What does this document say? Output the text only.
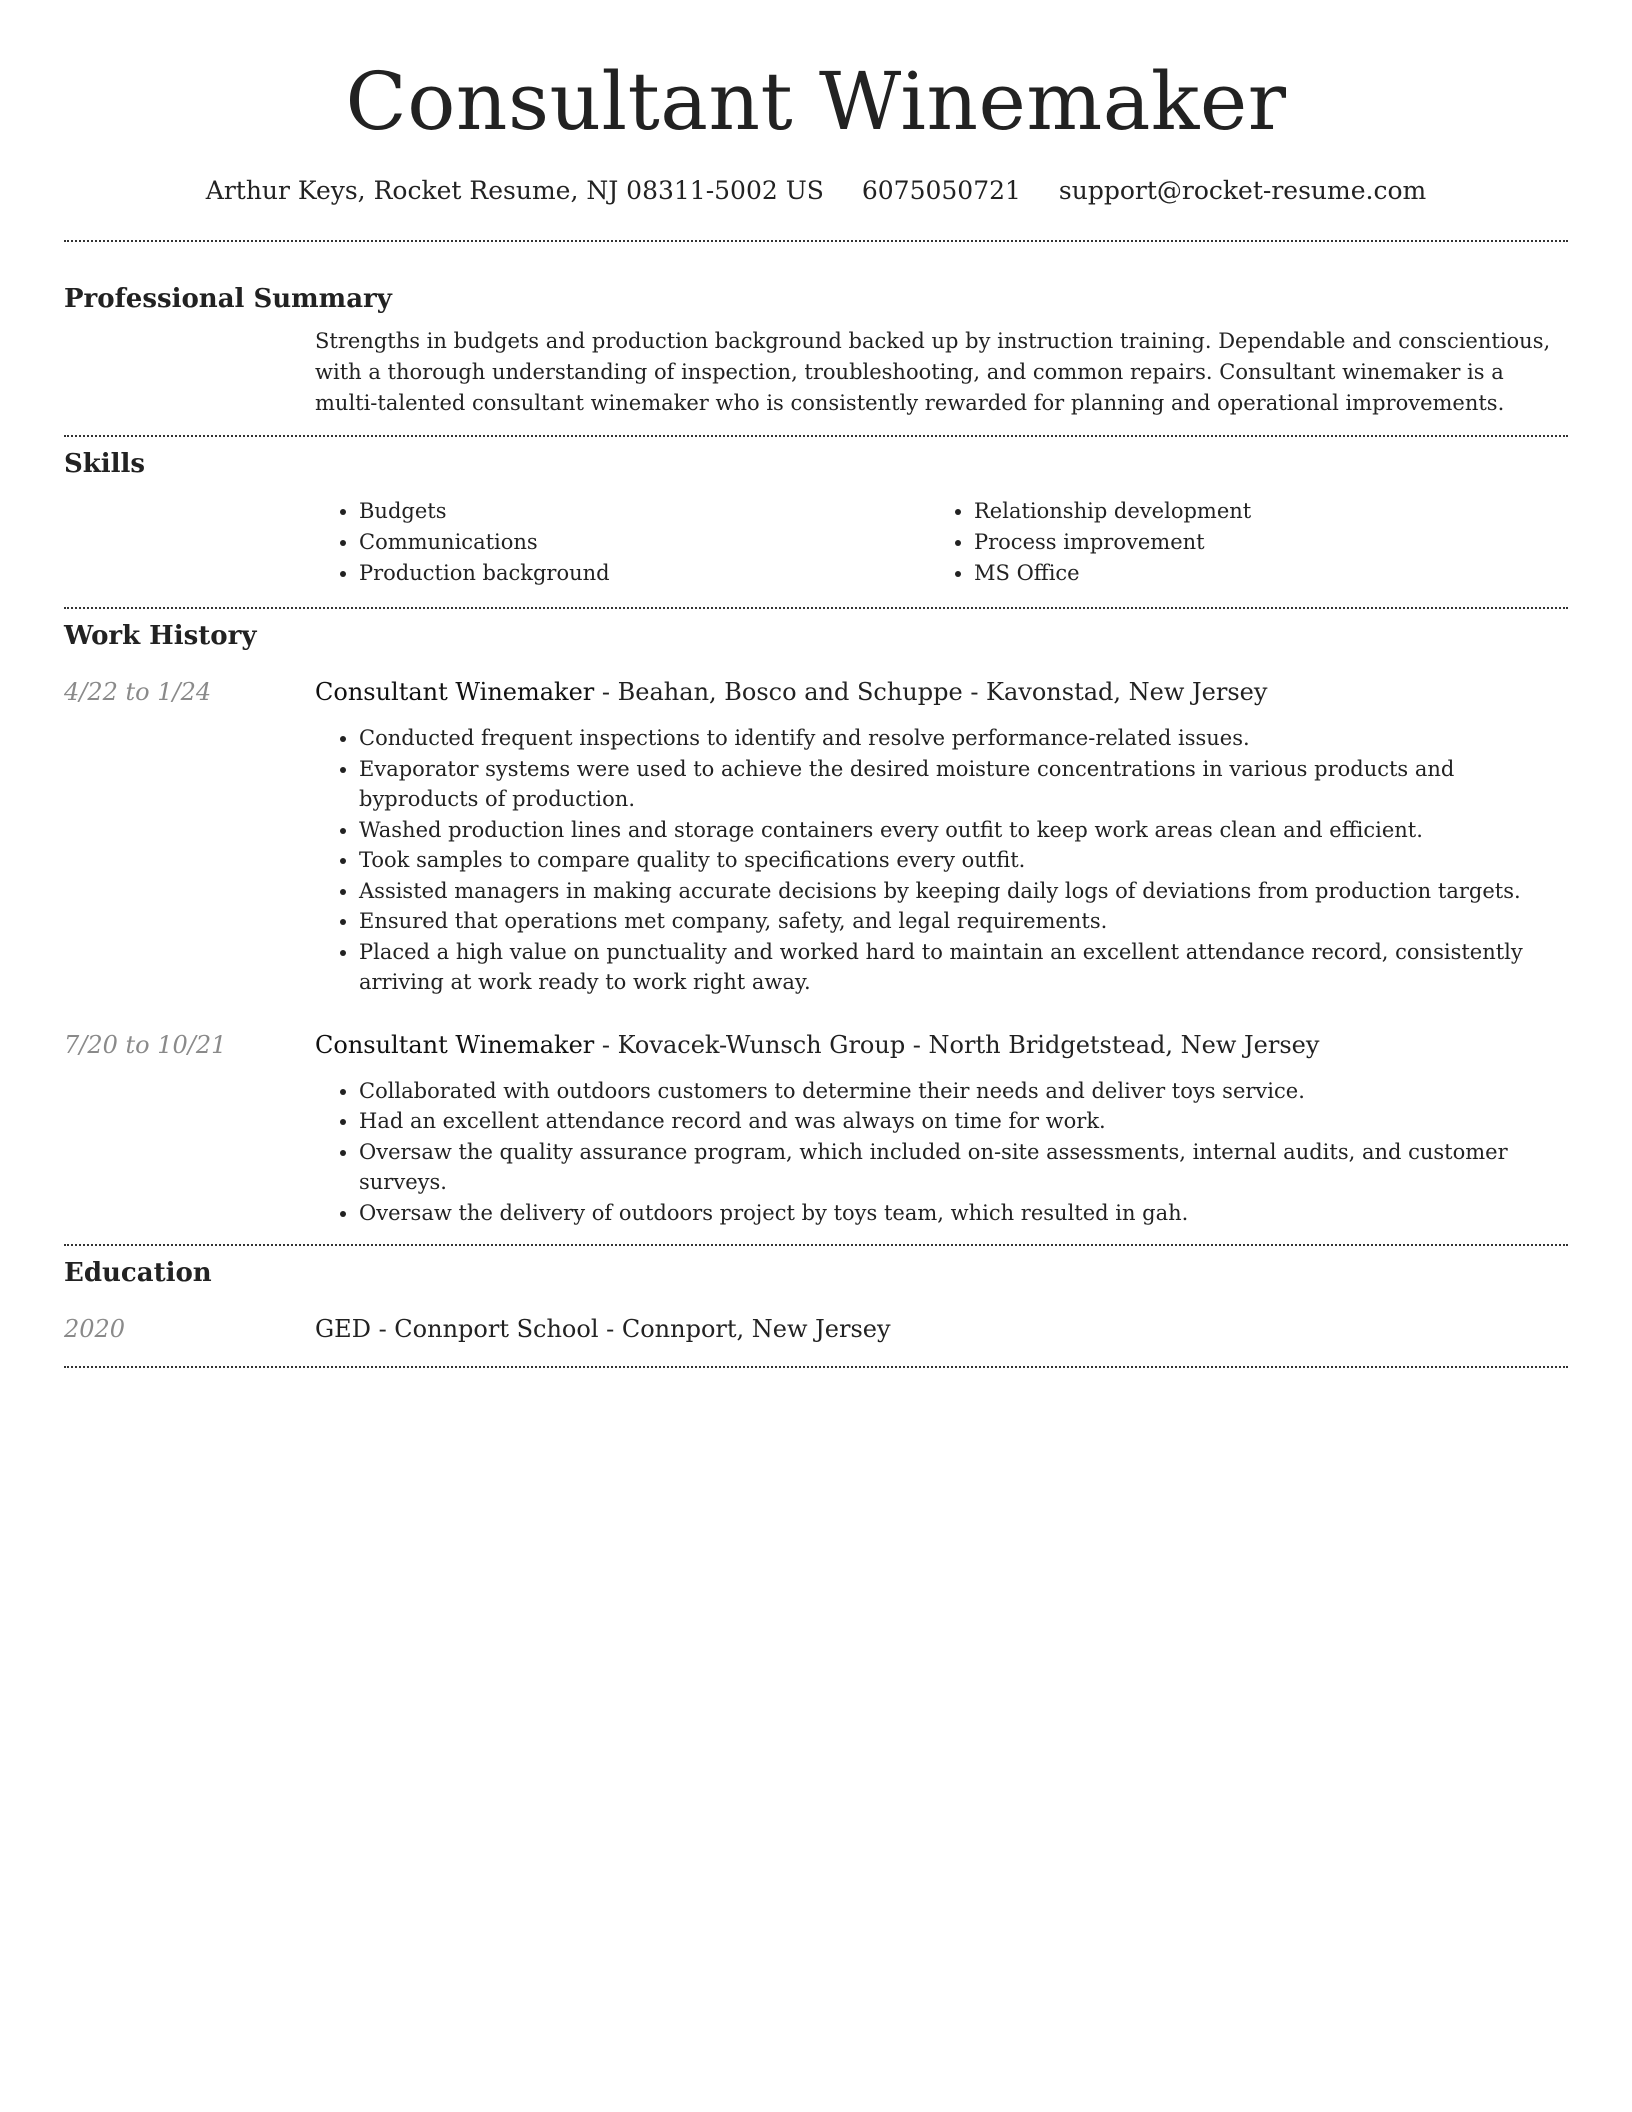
Consultant Winemaker
Arthur Keys, Rocket Resume, NJ 08311-5002 US 6075050721 support@rocket-resume.com
Professional Summary

Strengths in budgets and production background backed up by instruction training. Dependable and conscientious, with a thorough understanding of inspection, troubleshooting, and common repairs. Consultant winemaker is a multi-talented consultant winemaker who is consistently rewarded for planning and operational improvements.

Skills
• Budgets
• Communications
• Production background
• Relationship development
• Process improvement
• MS Office
Work History
4/22 to 1/24	Consultant Winemaker - Beahan, Bosco and Schuppe - Kavonstad, New Jersey
• Conducted frequent inspections to identify and resolve performance-related issues.
• Evaporator systems were used to achieve the desired moisture concentrations in various products and byproducts of production.
• Washed production lines and storage containers every outfit to keep work areas clean and efficient.
• Took samples to compare quality to specifications every outfit.
• Assisted managers in making accurate decisions by keeping daily logs of deviations from production targets.
• Ensured that operations met company, safety, and legal requirements.
• Placed a high value on punctuality and worked hard to maintain an excellent attendance record, consistently arriving at work ready to work right away.
7/20 to 10/21	Consultant Winemaker - Kovacek-Wunsch Group - North Bridgetstead, New Jersey
• Collaborated with outdoors customers to determine their needs and deliver toys service.
• Had an excellent attendance record and was always on time for work.
• Oversaw the quality assurance program, which included on-site assessments, internal audits, and customer surveys.
• Oversaw the delivery of outdoors project by toys team, which resulted in gah.
Education
2020	GED - Connport School - Connport, New Jersey
